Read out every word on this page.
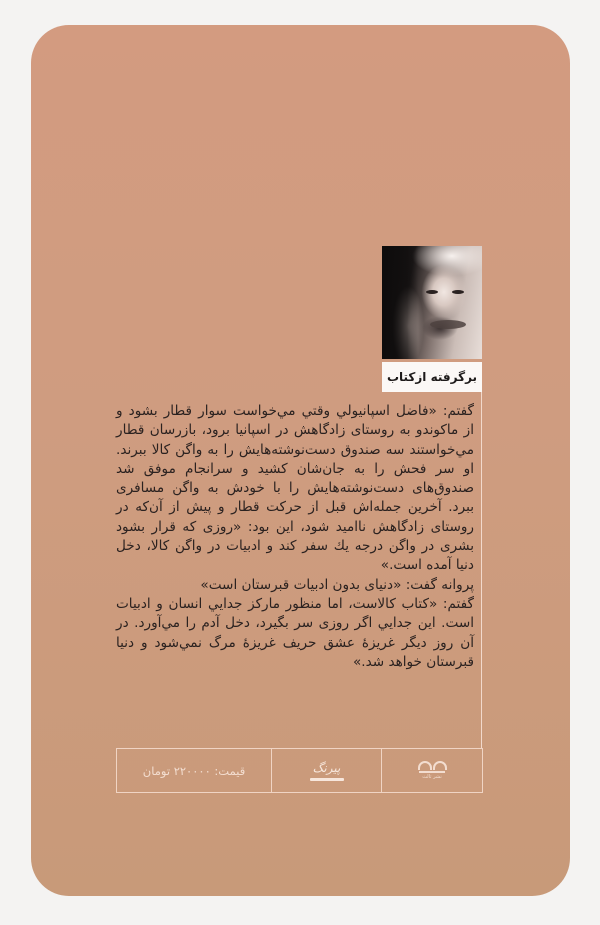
برگرفته ازکتاب

گفتم: «فاضل اسپانیولي وقتي مي‌خواست سوار قطار بشود و از ماکوندو به روستای زادگاهش در اسپانیا برود، بازرسان قطار مي‌خواستند سه صندوق دست‌نوشته‌هایش را به واگن کالا ببرند. او سر فحش را به جان‌شان کشید و سرانجام موفق شد صندوق‌های دست‌نوشته‌هایش را با خودش به واگن مسافری ببرد. آخرین جمله‌اش قبل از حرکت قطار و پیش از آن‌که در روستای زادگاهش ناامید شود، این بود: «روزی که قرار بشود بشری در واگن درجه یك سفر کند و ادبیات در واگن کالا، دخل دنیا آمده است.»

پروانه گفت: «دنیای بدون ادبیات قبرستان است»

گفتم: «کتاب کالاست، اما منظور مارکز جدایي انسان و ادبیات است. این جدایي اگر روزی سر بگیرد، دخل آدم را مي‌آورد. در آن روز دیگر غریزهٔ عشق حریف غریزهٔ مرگ نمي‌شود و دنیا قبرستان خواهد شد.»

نشر ثالث
پیرنگ
قیمت: ۲۲۰۰۰۰ تومان
